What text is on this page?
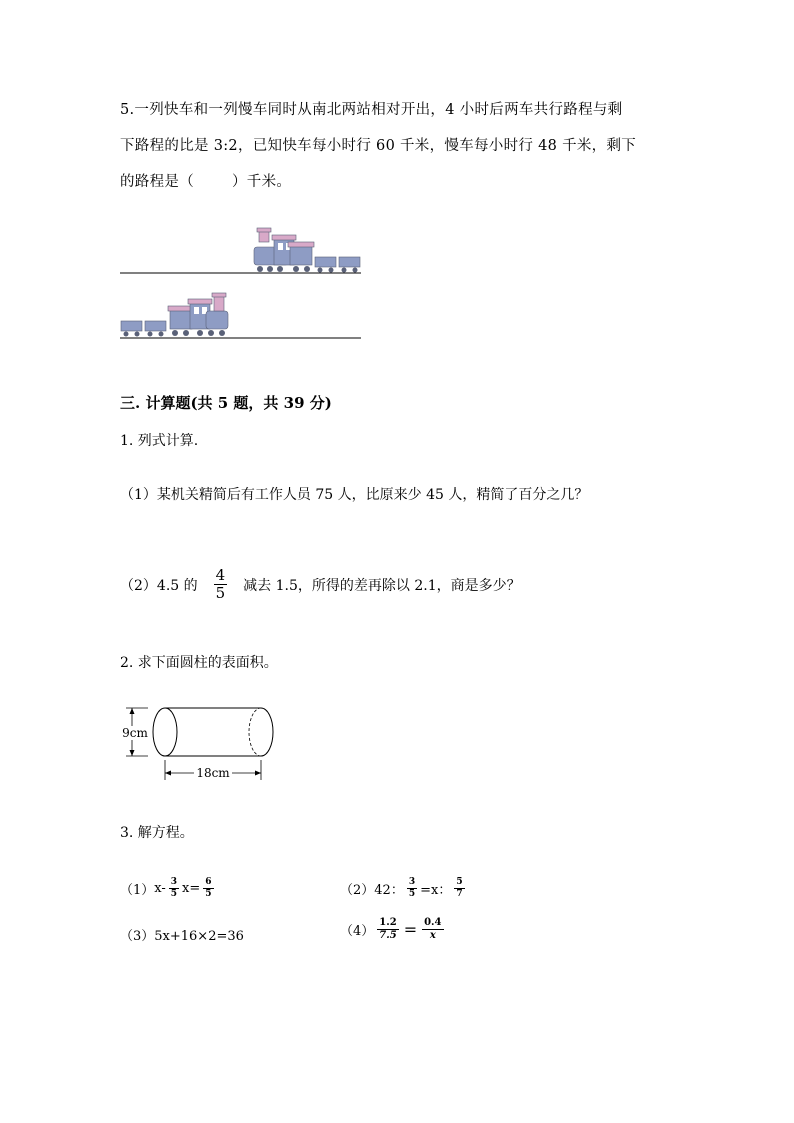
5.一列快车和一列慢车同时从南北两站相对开出，4 小时后两车共行路程与剩
下路程的比是 3:2，已知快车每小时行 60 千米，慢车每小时行 48 千米，剩下
的路程是（	）千米。
三. 计算题(共 5 题，共 39 分)
1. 列式计算.
（1）某机关精简后有工作人员 75 人，比原来少 45 人，精简了百分之几？
（2）4.5 的 $\frac{4}{5}$ 减去 1.5，所得的差再除以 2.1，商是多少？
2. 求下面圆柱的表面积。
9cm
18cm
3. 解方程。
（1） $x- \frac{3}{5} x= \frac{6}{5}$	（2） 42： $\frac{3}{5} =x$： $\frac{5}{7}$
（3）5x+16×2=36	$(4) \frac{1.2}{7.5} = \frac{0.4}{x}$
